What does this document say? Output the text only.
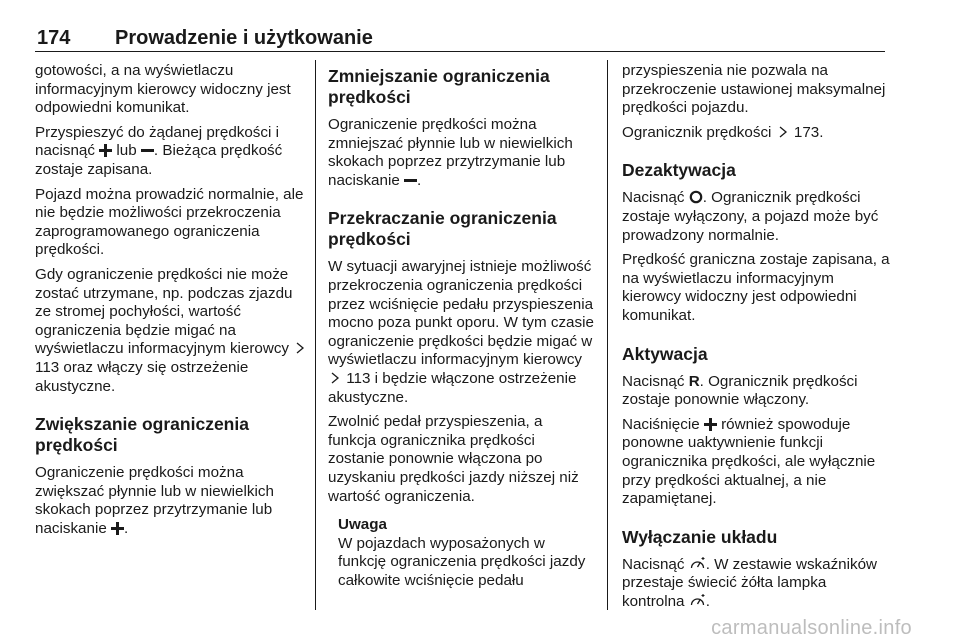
174 Prowadzenie i użytkowanie

gotowości, a na wyświetlaczu informacyjnym kierowcy widoczny jest odpowiedni komunikat.

Przyspieszyć do żądanej prędkości i nacisnąć  lub . Bieżąca prędkość zostaje zapisana.

Pojazd można prowadzić normalnie, ale nie będzie możliwości przekroczenia zaprogramowanego ograniczenia prędkości.

Gdy ograniczenie prędkości nie może zostać utrzymane, np. podczas zjazdu ze stromej pochyłości, wartość ograniczenia będzie migać na wyświetlaczu informacyjnym kierowcy  113 oraz włączy się ostrzeżenie akustyczne.

Zwiększanie ograniczenia prędkości

Ograniczenie prędkości można zwiększać płynnie lub w niewielkich skokach poprzez przytrzymanie lub naciskanie .

Zmniejszanie ograniczenia prędkości

Ograniczenie prędkości można zmniejszać płynnie lub w niewielkich skokach poprzez przytrzymanie lub naciskanie .

Przekraczanie ograniczenia prędkości

W sytuacji awaryjnej istnieje możliwość przekroczenia ograniczenia prędkości przez wciśnięcie pedału przyspieszenia mocno poza punkt oporu. W tym czasie ograniczenie prędkości będzie migać w wyświetlaczu informacyjnym kierowcy  113 i będzie włączone ostrzeżenie akustyczne.

Zwolnić pedał przyspieszenia, a funkcja ogranicznika prędkości zostanie ponownie włączona po uzyskaniu prędkości jazdy niższej niż wartość ograniczenia.

Uwaga
W pojazdach wyposażonych w funkcję ograniczenia prędkości jazdy całkowite wciśnięcie pedału

przyspieszenia nie pozwala na przekroczenie ustawionej maksymalnej prędkości pojazdu.

Ogranicznik prędkości 173.

Dezaktywacja

Nacisnąć . Ogranicznik prędkości zostaje wyłączony, a pojazd może być prowadzony normalnie.

Prędkość graniczna zostaje zapisana, a na wyświetlaczu informacyjnym kierowcy widoczny jest odpowiedni komunikat.

Aktywacja

Nacisnąć R. Ogranicznik prędkości zostaje ponownie włączony.

Naciśnięcie  również spowoduje ponowne uaktywnienie funkcji ogranicznika prędkości, ale wyłącznie przy prędkości aktualnej, a nie zapamiętanej.

Wyłączanie układu

Nacisnąć . W zestawie wskaźników przestaje świecić żółta lampka kontrolna .

carmanualsonline.info
